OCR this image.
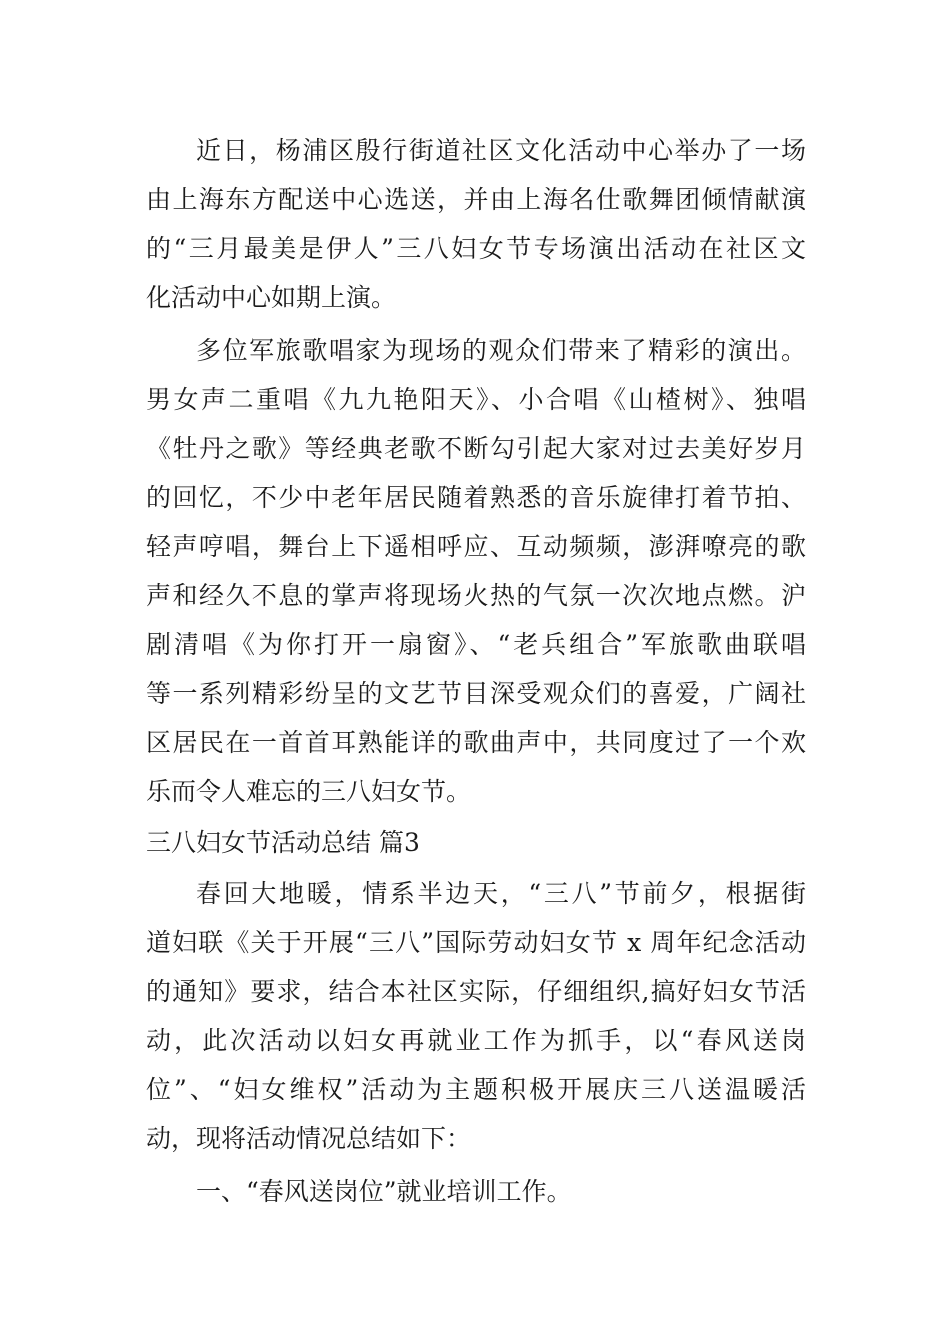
近日，杨浦区殷行街道社区文化活动中心举办了一场

由上海东方配送中心选送，并由上海名仕歌舞团倾情献演

的“三月最美是伊人”三八妇女节专场演出活动在社区文

化活动中心如期上演。

多位军旅歌唱家为现场的观众们带来了精彩的演出。

男女声二重唱《九九艳阳天》、小合唱《山楂树》、独唱

《牡丹之歌》等经典老歌不断勾引起大家对过去美好岁月

的回忆，不少中老年居民随着熟悉的音乐旋律打着节拍、

轻声哼唱，舞台上下遥相呼应、互动频频，澎湃嘹亮的歌

声和经久不息的掌声将现场火热的气氛一次次地点燃。沪

剧清唱《为你打开一扇窗》、“老兵组合”军旅歌曲联唱

等一系列精彩纷呈的文艺节目深受观众们的喜爱，广阔社

区居民在一首首耳熟能详的歌曲声中，共同度过了一个欢

乐而令人难忘的三八妇女节。

三八妇女节活动总结 篇3

春回大地暖，情系半边天，“三八”节前夕，根据街

道妇联《关于开展“三八”国际劳动妇女节 x 周年纪念活动

的通知》要求，结合本社区实际，仔细组织,搞好妇女节活

动，此次活动以妇女再就业工作为抓手，以“春风送岗

位”、“妇女维权”活动为主题积极开展庆三八送温暖活

动，现将活动情况总结如下：

一、“春风送岗位”就业培训工作。
